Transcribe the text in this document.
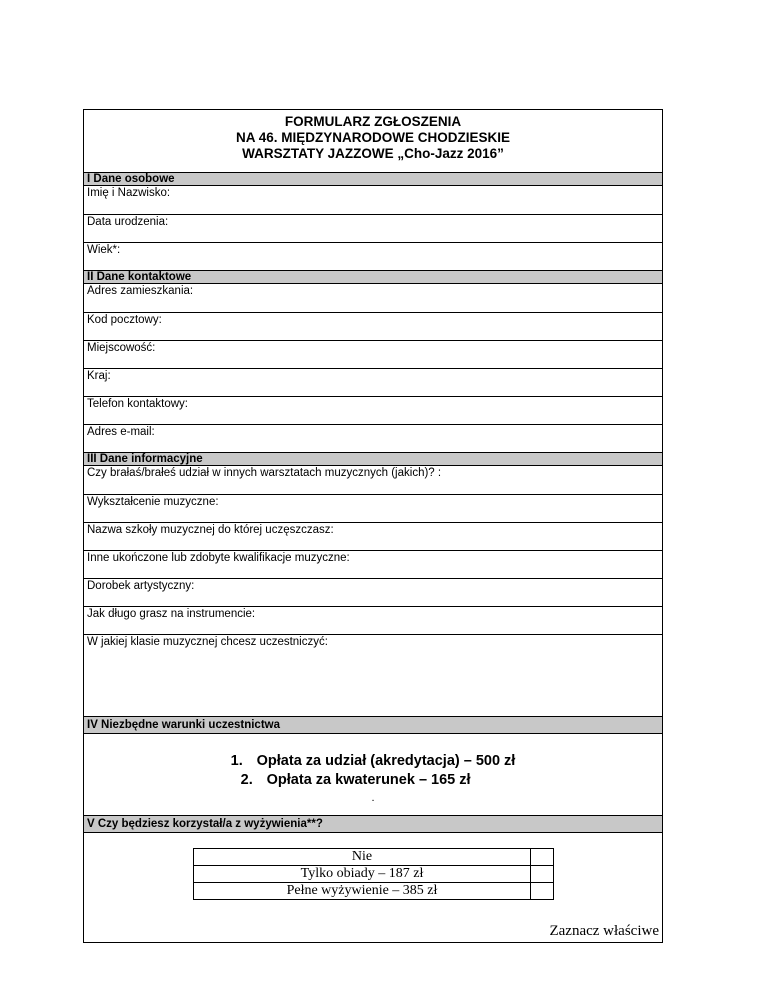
FORMULARZ ZGŁOSZENIA
NA 46. MIĘDZYNARODOWE CHODZIESKIE
WARSZTATY JAZZOWE „Cho-Jazz 2016”
I Dane osobowe
Imię i Nazwisko:
Data urodzenia:
Wiek*:
II Dane kontaktowe
Adres zamieszkania:
Kod pocztowy:
Miejscowość:
Kraj:
Telefon kontaktowy:
Adres e-mail:
III Dane informacyjne
Czy brałaś/brałeś udział w innych warsztatach muzycznych (jakich)? :
Wykształcenie muzyczne:
Nazwa szkoły muzycznej do której uczęszczasz:
Inne ukończone lub zdobyte kwalifikacje muzyczne:
Dorobek artystyczny:
Jak długo grasz na instrumencie:
W jakiej klasie muzycznej chcesz uczestniczyć:
IV Niezbędne warunki uczestnictwa
1. Opłata za udział (akredytacja) – 500 zł
2. Opłata za kwaterunek – 165 zł
.
V Czy będziesz korzystał/a z wyżywienia**?
Zaznacz właściwe
Nie	
Tylko obiady – 187 zł	
Pełne wyżywienie – 385 zł	
